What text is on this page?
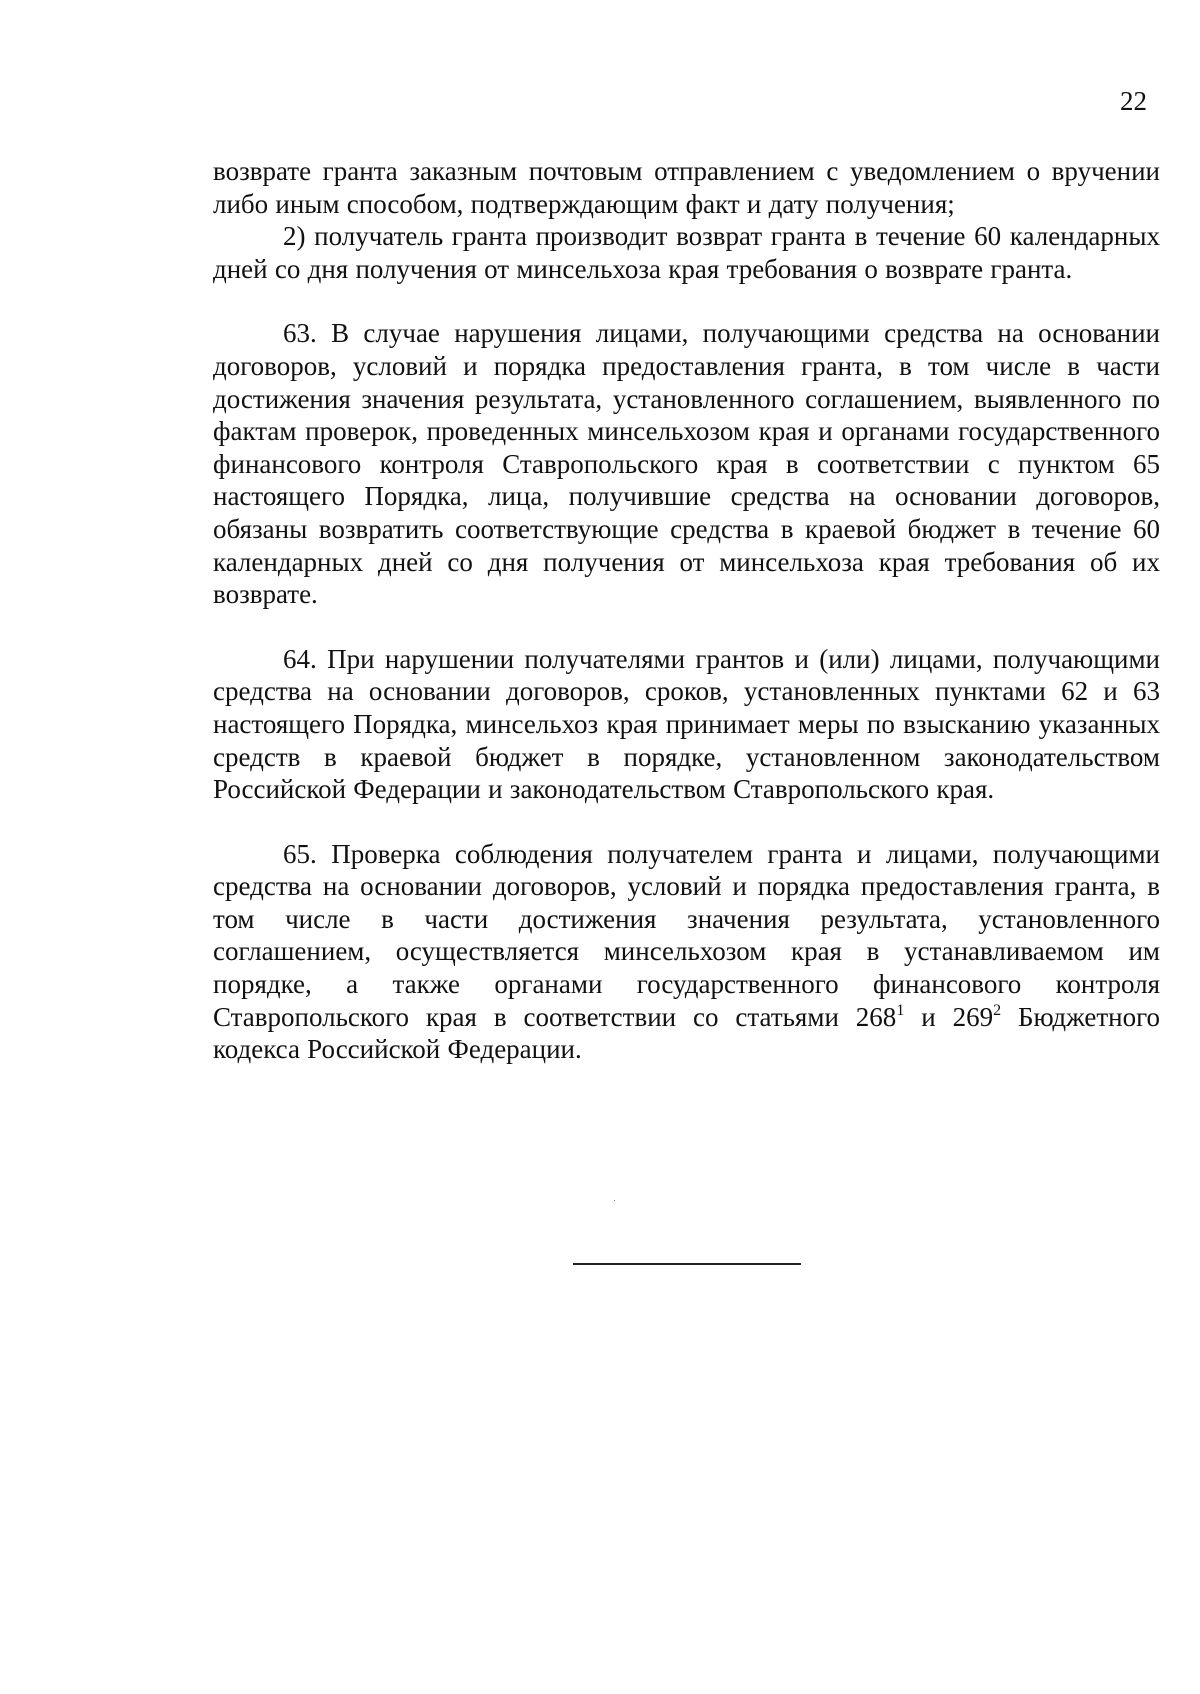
22

возврате гранта заказным почтовым отправлением с уведомлением о вручении либо иным способом, подтверждающим факт и дату получения;

2) получатель гранта производит возврат гранта в течение 60 календарных дней со дня получения от минсельхоза края требования о возврате гранта.

63. В случае нарушения лицами, получающими средства на основании договоров, условий и порядка предоставления гранта, в том числе в части достижения значения результата, установленного соглашением, выявленного по фактам проверок, проведенных минсельхозом края и органами государственного финансового контроля Ставропольского края в соответствии с пунктом 65 настоящего Порядка, лица, получившие средства на основании договоров, обязаны возвратить соответствующие средства в краевой бюджет в течение 60 календарных дней со дня получения от минсельхоза края требования об их возврате.

64. При нарушении получателями грантов и (или) лицами, получающими средства на основании договоров, сроков, установленных пунктами 62 и 63 настоящего Порядка, минсельхоз края принимает меры по взысканию указанных средств в краевой бюджет в порядке, установленном законодательством Российской Федерации и законодательством Ставропольского края.

65. Проверка соблюдения получателем гранта и лицами, получающими средства на основании договоров, условий и порядка предоставления гранта, в том числе в части достижения значения результата, установленного соглашением, осуществляется минсельхозом края в устанавливаемом им порядке, а также органами государственного финансового контроля Ставропольского края в соответствии со статьями $268^1$ и $269^2$ Бюджетного кодекса Российской Федерации.
